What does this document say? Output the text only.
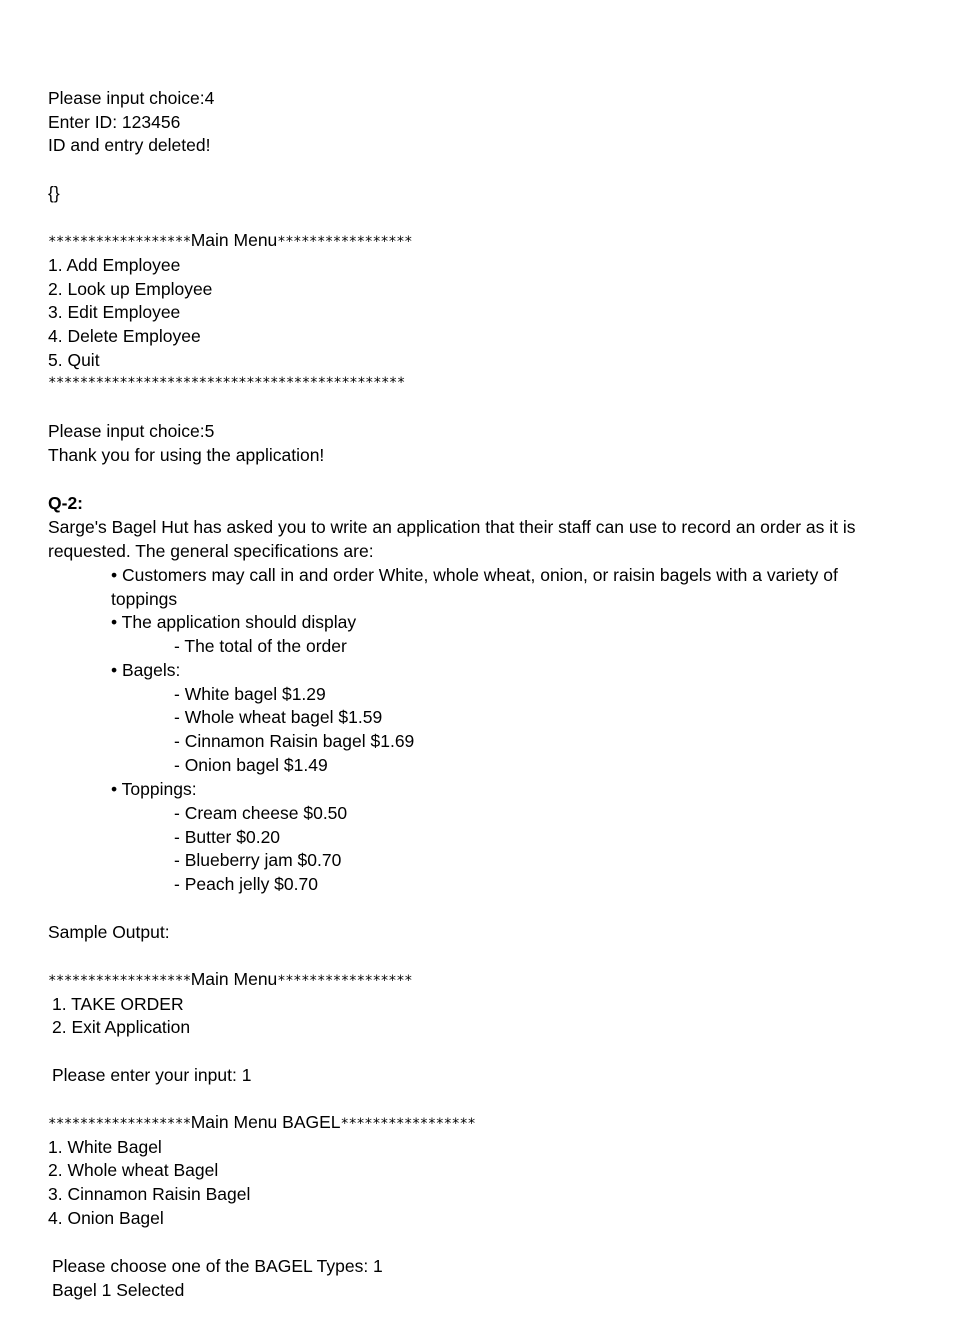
Please input choice:4

Enter ID: 123456

ID and entry deleted!

{}

******************Main Menu*****************

1. Add Employee

2. Look up Employee

3. Edit Employee

4. Delete Employee

5. Quit

*********************************************

Please input choice:5

Thank you for using the application!

Q-2:

Sarge's Bagel Hut has asked you to write an application that their staff can use to record an order as it is requested. The general specifications are:

• Customers may call in and order White, whole wheat, onion, or raisin bagels with a variety of toppings

• The application should display

- The total of the order

• Bagels:

- White bagel $1.29

- Whole wheat bagel $1.59

- Cinnamon Raisin bagel $1.69

- Onion bagel $1.49

• Toppings:

- Cream cheese $0.50

- Butter $0.20

- Blueberry jam $0.70

- Peach jelly $0.70

Sample Output:

******************Main Menu*****************

1. TAKE ORDER

2. Exit Application

Please enter your input: 1

******************Main Menu BAGEL*****************

1. White Bagel

2. Whole wheat Bagel

3. Cinnamon Raisin Bagel

4. Onion Bagel

Please choose one of the BAGEL Types: 1

Bagel 1 Selected
